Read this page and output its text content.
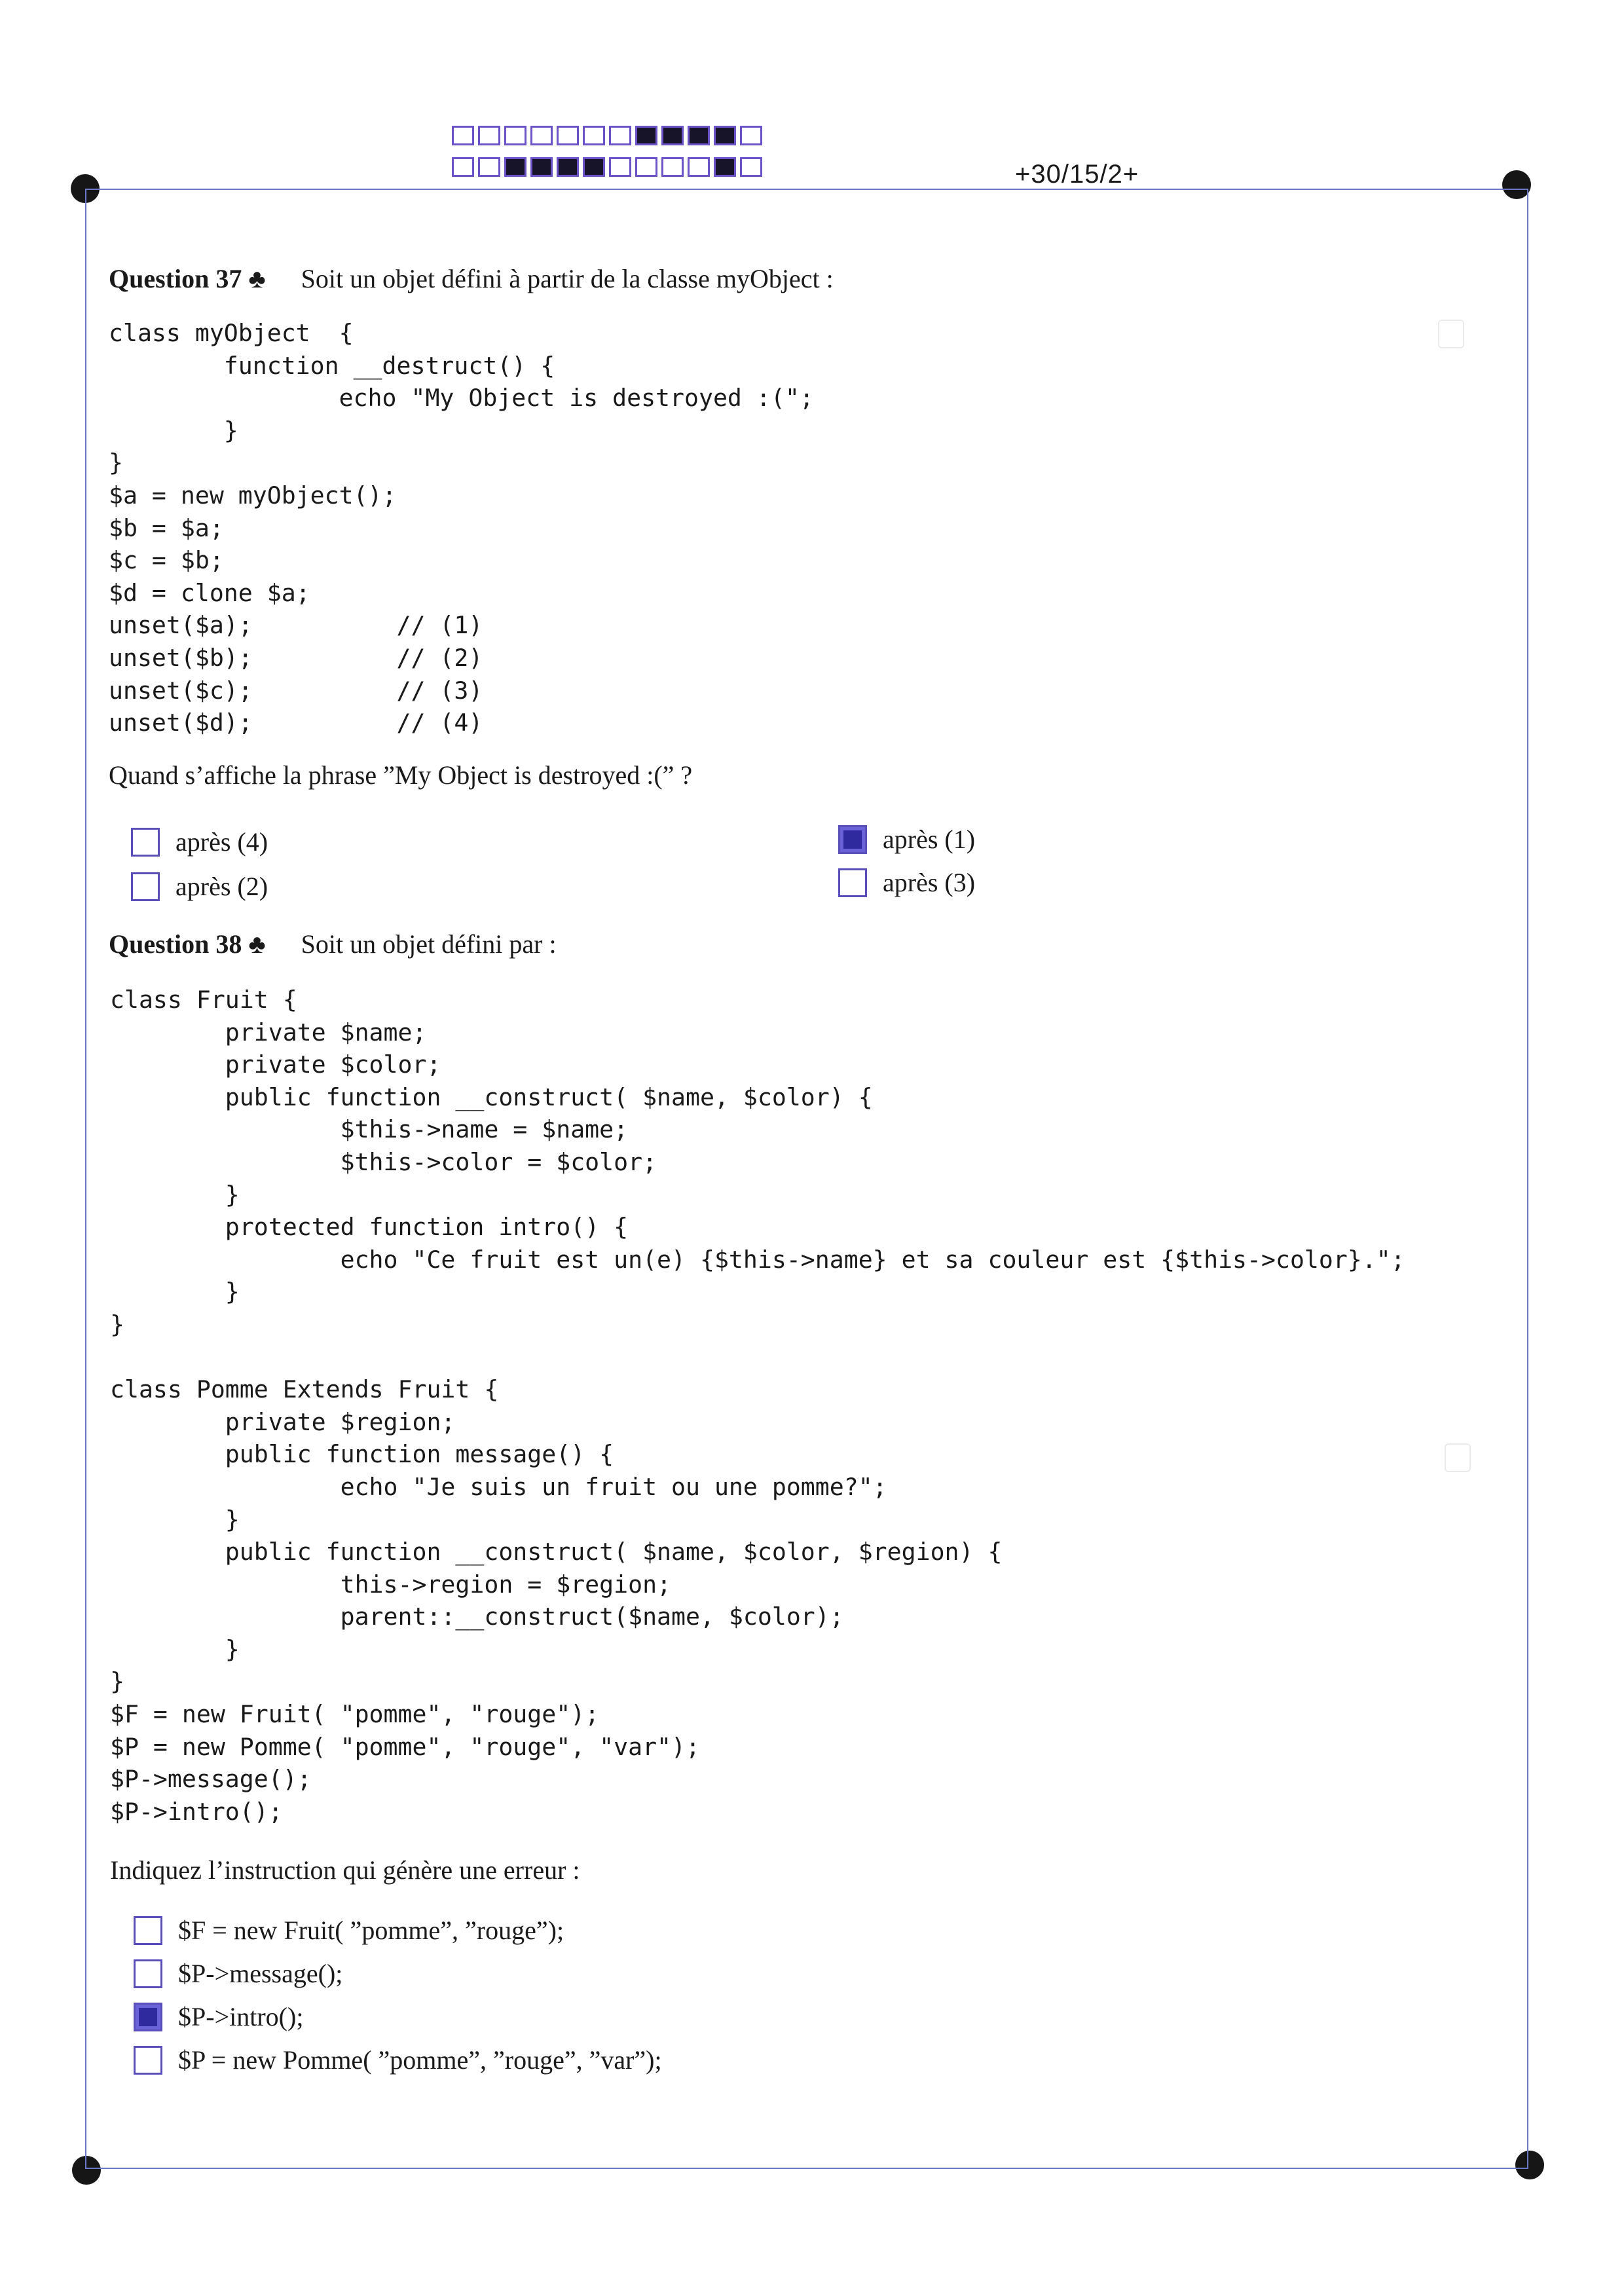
+30/15/2+
Question 37 ♣ Soit un objet défini à partir de la classe myObject :
class myObject  {
function __destruct() {
echo "My Object is destroyed :(";
}
}
$a = new myObject();
$b = $a;
$c = $b;
$d = clone $a;
unset($a);          // (1)
unset($b);          // (2)
unset($c);          // (3)
unset($d);          // (4)
Quand s’affiche la phrase ”My Object is destroyed :(” ?
après (4)
après (2)
après (1)
après (3)
Question 38 ♣ Soit un objet défini par :
class Fruit {
private $name;
private $color;
public function __construct( $name, $color) {
$this->name = $name;
$this->color = $color;
}
protected function intro() {
echo "Ce fruit est un(e) {$this->name} et sa couleur est {$this->color}.";
}
}

class Pomme Extends Fruit {
private $region;
public function message() {
echo "Je suis un fruit ou une pomme?";
}
public function __construct( $name, $color, $region) {
this->region = $region;
parent::__construct($name, $color);
}
}
$F = new Fruit( "pomme", "rouge");
$P = new Pomme( "pomme", "rouge", "var");
$P->message();
$P->intro();
Indiquez l’instruction qui génère une erreur :
$F = new Fruit( ”pomme”, ”rouge”);
$P->message();
$P->intro();
$P = new Pomme( ”pomme”, ”rouge”, ”var”);
